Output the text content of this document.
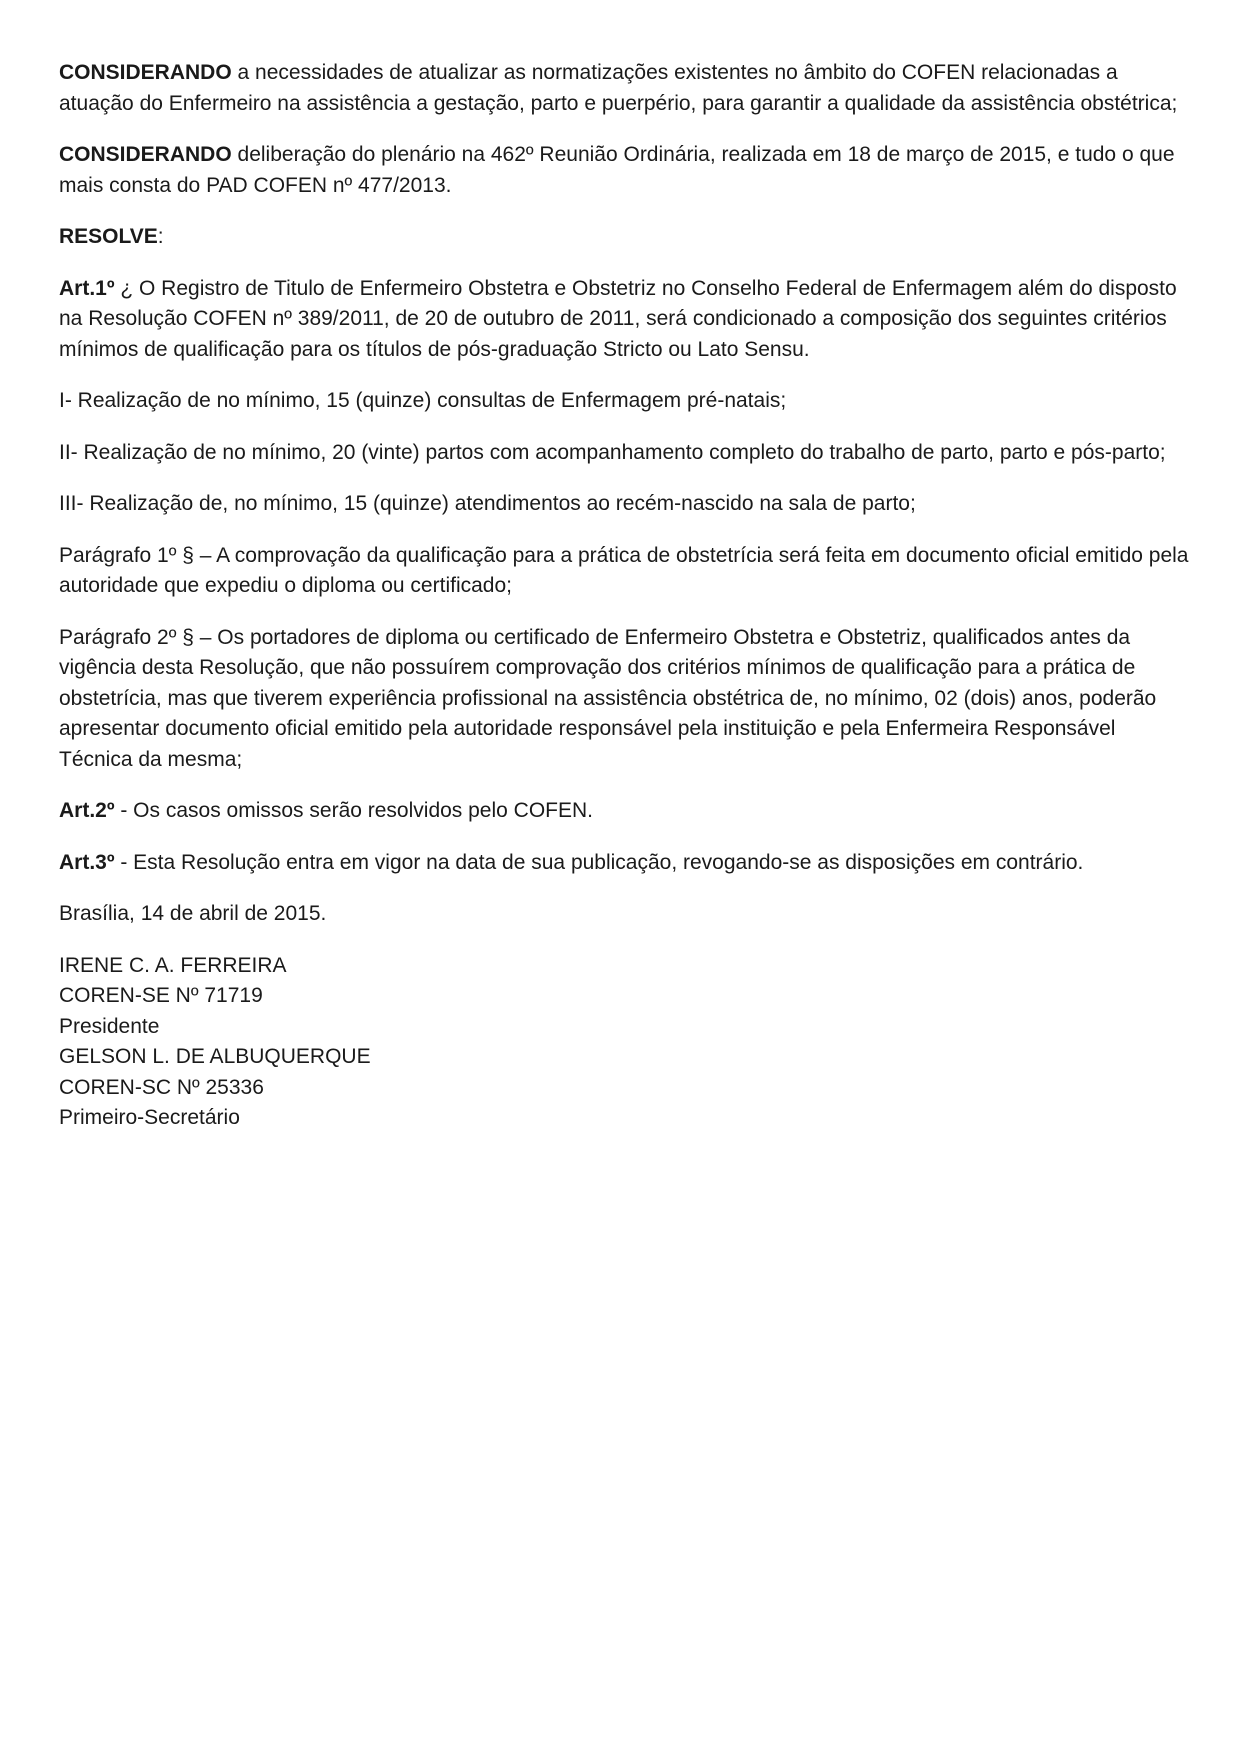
CONSIDERANDO a necessidades de atualizar as normatizações existentes no âmbito do COFEN relacionadas a atuação do Enfermeiro na assistência a gestação, parto e puerpério, para garantir a qualidade da assistência obstétrica;

CONSIDERANDO deliberação do plenário na 462º Reunião Ordinária, realizada em 18 de março de 2015, e tudo o que mais consta do PAD COFEN nº 477/2013.

RESOLVE:

Art.1º ¿ O Registro de Titulo de Enfermeiro Obstetra e Obstetriz no Conselho Federal de Enfermagem além do disposto na Resolução COFEN nº 389/2011, de 20 de outubro de 2011, será condicionado a composição dos seguintes critérios mínimos de qualificação para os títulos de pós-graduação Stricto ou Lato Sensu.

I- Realização de no mínimo, 15 (quinze) consultas de Enfermagem pré-natais;

II- Realização de no mínimo, 20 (vinte) partos com acompanhamento completo do trabalho de parto, parto e pós-parto;

III- Realização de, no mínimo, 15 (quinze) atendimentos ao recém-nascido na sala de parto;

Parágrafo 1º § – A comprovação da qualificação para a prática de obstetrícia será feita em documento oficial emitido pela autoridade que expediu o diploma ou certificado;

Parágrafo 2º § – Os portadores de diploma ou certificado de Enfermeiro Obstetra e Obstetriz, qualificados antes da vigência desta Resolução, que não possuírem comprovação dos critérios mínimos de qualificação para a prática de obstetrícia, mas que tiverem experiência profissional na assistência obstétrica de, no mínimo, 02 (dois) anos, poderão apresentar documento oficial emitido pela autoridade responsável pela instituição e pela Enfermeira Responsável Técnica da mesma;

Art.2º - Os casos omissos serão resolvidos pelo COFEN.

Art.3º - Esta Resolução entra em vigor na data de sua publicação, revogando-se as disposições em contrário.

Brasília, 14 de abril de 2015.

IRENE C. A. FERREIRA
COREN-SE Nº 71719
Presidente
GELSON L. DE ALBUQUERQUE
COREN-SC Nº 25336
Primeiro-Secretário
